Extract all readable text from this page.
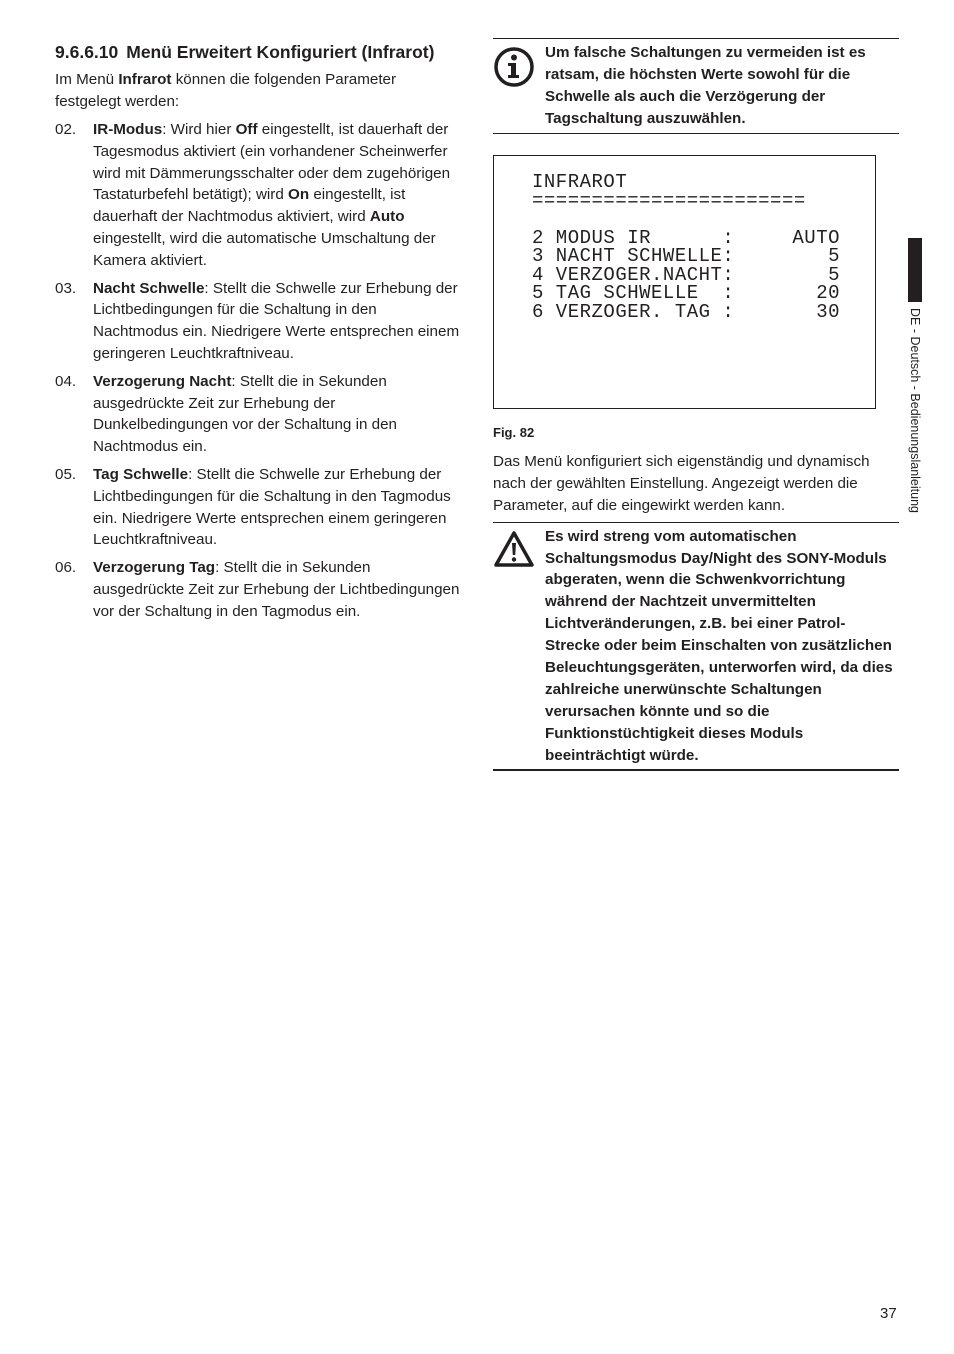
9.6.6.10 Menü Erweitert Konfiguriert (Infrarot)

Im Menü Infrarot können die folgenden Parameter festgelegt werden:

02.	IR-Modus: Wird hier Off eingestellt, ist dauerhaft der Tagesmodus aktiviert (ein vorhandener Scheinwerfer wird mit Dämmerungsschalter oder dem zugehörigen Tastaturbefehl betätigt); wird On eingestellt, ist dauerhaft der Nachtmodus aktiviert, wird Auto eingestellt, wird die automatische Umschaltung der Kamera aktiviert.
03.	Nacht Schwelle: Stellt die Schwelle zur Erhebung der Lichtbedingungen für die Schaltung in den Nachtmodus ein. Niedrigere Werte entsprechen einem geringeren Leuchtkraftniveau.
04.	Verzogerung Nacht: Stellt die in Sekunden ausgedrückte Zeit zur Erhebung der Dunkelbedingungen vor der Schaltung in den Nachtmodus ein.
05.	Tag Schwelle: Stellt die Schwelle zur Erhebung der Lichtbedingungen für die Schaltung in den Tagmodus ein. Niedrigere Werte entsprechen einem geringeren Leuchtkraftniveau.
06.	Verzogerung Tag: Stellt die in Sekunden ausgedrückte Zeit zur Erhebung der Lichtbedingungen vor der Schaltung in den Tagmodus ein.
Um falsche Schaltungen zu vermeiden ist es ratsam, die höchsten Werte sowohl für die Schwelle als auch die Verzögerung der Tagschaltung auszuwählen.
INFRAROT
=======================
2 MODUS IR      :	AUTO
3 NACHT SCHWELLE:	5
4 VERZOGER.NACHT:	5
5 TAG SCHWELLE  :	20
6 VERZOGER. TAG :	30
Fig. 82

Das Menü konfiguriert sich eigenständig und dynamisch nach der gewählten Einstellung. Angezeigt werden die Parameter, auf die eingewirkt werden kann.

Es wird streng vom automatischen Schaltungsmodus Day/Night des SONY-Moduls abgeraten, wenn die Schwenkvorrichtung während der Nachtzeit unvermittelten Lichtveränderungen, z.B. bei einer Patrol- Strecke oder beim Einschalten von zusätzlichen Beleuchtungsgeräten, unterworfen wird, da dies zahlreiche unerwünschte Schaltungen verursachen könnte und so die Funktionstüchtigkeit dieses Moduls beeinträchtigt würde.
DE - Deutsch - Bedienungslanleitung
37
